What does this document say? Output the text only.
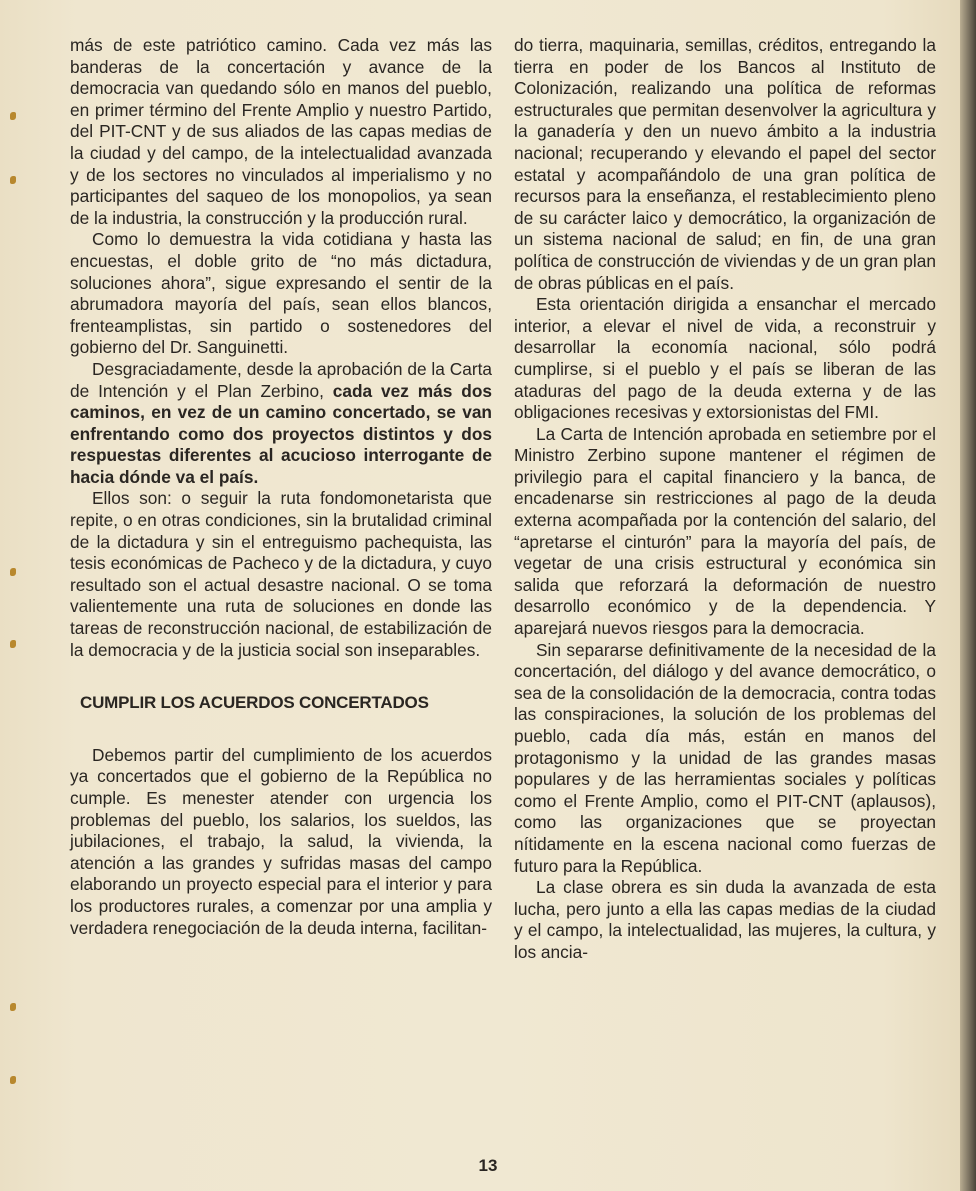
más de este patriótico camino. Cada vez más las banderas de la concertación y avance de la democracia van quedando sólo en manos del pueblo, en primer término del Frente Amplio y nuestro Partido, del PIT-CNT y de sus aliados de las capas medias de la ciudad y del campo, de la intelectualidad avanzada y de los sectores no vinculados al imperialismo y no participantes del saqueo de los monopolios, ya sean de la industria, la construcción y la producción rural.

Como lo demuestra la vida cotidiana y hasta las encuestas, el doble grito de “no más dictadura, soluciones ahora”, sigue expresando el sentir de la abrumadora mayoría del país, sean ellos blancos, frenteamplistas, sin partido o sostenedores del gobierno del Dr. Sanguinetti.

Desgraciadamente, desde la aprobación de la Carta de Intención y el Plan Zerbino, cada vez más dos caminos, en vez de un camino concertado, se van enfrentando como dos proyectos distintos y dos respuestas diferentes al acucioso interrogante de hacia dónde va el país.

Ellos son: o seguir la ruta fondomonetarista que repite, o en otras condiciones, sin la brutalidad criminal de la dictadura y sin el entreguismo pachequista, las tesis económicas de Pacheco y de la dictadura, y cuyo resultado son el actual desastre nacional. O se toma valientemente una ruta de soluciones en donde las tareas de reconstrucción nacional, de estabilización de la democracia y de la justicia social son inseparables.

CUMPLIR LOS ACUERDOS CONCERTADOS

Debemos partir del cumplimiento de los acuerdos ya concertados que el gobierno de la República no cumple. Es menester atender con urgencia los problemas del pueblo, los salarios, los sueldos, las jubilaciones, el trabajo, la salud, la vivienda, la atención a las grandes y sufridas masas del campo elaborando un proyecto especial para el interior y para los productores rurales, a comenzar por una amplia y verdadera renegociación de la deuda interna, facilitan-

do tierra, maquinaria, semillas, créditos, entregando la tierra en poder de los Bancos al Instituto de Colonización, realizando una política de reformas estructurales que permitan desenvolver la agricultura y la ganadería y den un nuevo ámbito a la industria nacional; recuperando y elevando el papel del sector estatal y acompañándolo de una gran política de recursos para la enseñanza, el restablecimiento pleno de su carácter laico y democrático, la organización de un sistema nacional de salud; en fin, de una gran política de construcción de viviendas y de un gran plan de obras públicas en el país.

Esta orientación dirigida a ensanchar el mercado interior, a elevar el nivel de vida, a reconstruir y desarrollar la economía nacional, sólo podrá cumplirse, si el pueblo y el país se liberan de las ataduras del pago de la deuda externa y de las obligaciones recesivas y extorsionistas del FMI.

La Carta de Intención aprobada en setiembre por el Ministro Zerbino supone mantener el régimen de privilegio para el capital financiero y la banca, de encadenarse sin restricciones al pago de la deuda externa acompañada por la contención del salario, del “apretarse el cinturón” para la mayoría del país, de vegetar de una crisis estructural y económica sin salida que reforzará la deformación de nuestro desarrollo económico y de la dependencia. Y aparejará nuevos riesgos para la democracia.

Sin separarse definitivamente de la necesidad de la concertación, del diálogo y del avance democrático, o sea de la consolidación de la democracia, contra todas las conspiraciones, la solución de los problemas del pueblo, cada día más, están en manos del protagonismo y la unidad de las grandes masas populares y de las herramientas sociales y políticas como el Frente Amplio, como el PIT-CNT (aplausos), como las organizaciones que se proyectan nítidamente en la escena nacional como fuerzas de futuro para la República.

La clase obrera es sin duda la avanzada de esta lucha, pero junto a ella las capas medias de la ciudad y el campo, la intelectualidad, las mujeres, la cultura, y los ancia-

13
